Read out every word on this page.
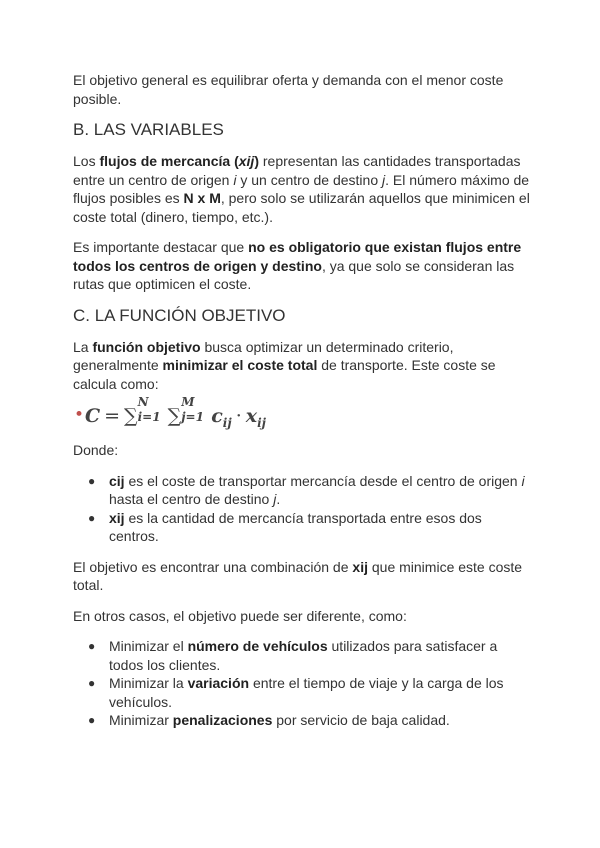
El objetivo general es equilibrar oferta y demanda con el menor coste posible.

B. LAS VARIABLES

Los flujos de mercancía (xij) representan las cantidades transportadas entre un centro de origen i y un centro de destino j. El número máximo de flujos posibles es N x M, pero solo se utilizarán aquellos que minimicen el coste total (dinero, tiempo, etc.).

Es importante destacar que no es obligatorio que existan flujos entre todos los centros de origen y destino, ya que solo se consideran las rutas que optimicen el coste.

C. LA FUNCIÓN OBJETIVO

La función objetivo busca optimizar un determinado criterio, generalmente minimizar el coste total de transporte. Este coste se calcula como:

• C = ∑
N
i=1 ∑
M
j=1 $c_{ij} \cdot x_{ij}$

Donde:

● cij es el coste de transportar mercancía desde el centro de origen i hasta el centro de destino j.
● xij es la cantidad de mercancía transportada entre esos dos centros.

El objetivo es encontrar una combinación de xij que minimice este coste total.

En otros casos, el objetivo puede ser diferente, como:

● Minimizar el número de vehículos utilizados para satisfacer a todos los clientes.
● Minimizar la variación entre el tiempo de viaje y la carga de los vehículos.
● Minimizar penalizaciones por servicio de baja calidad.
